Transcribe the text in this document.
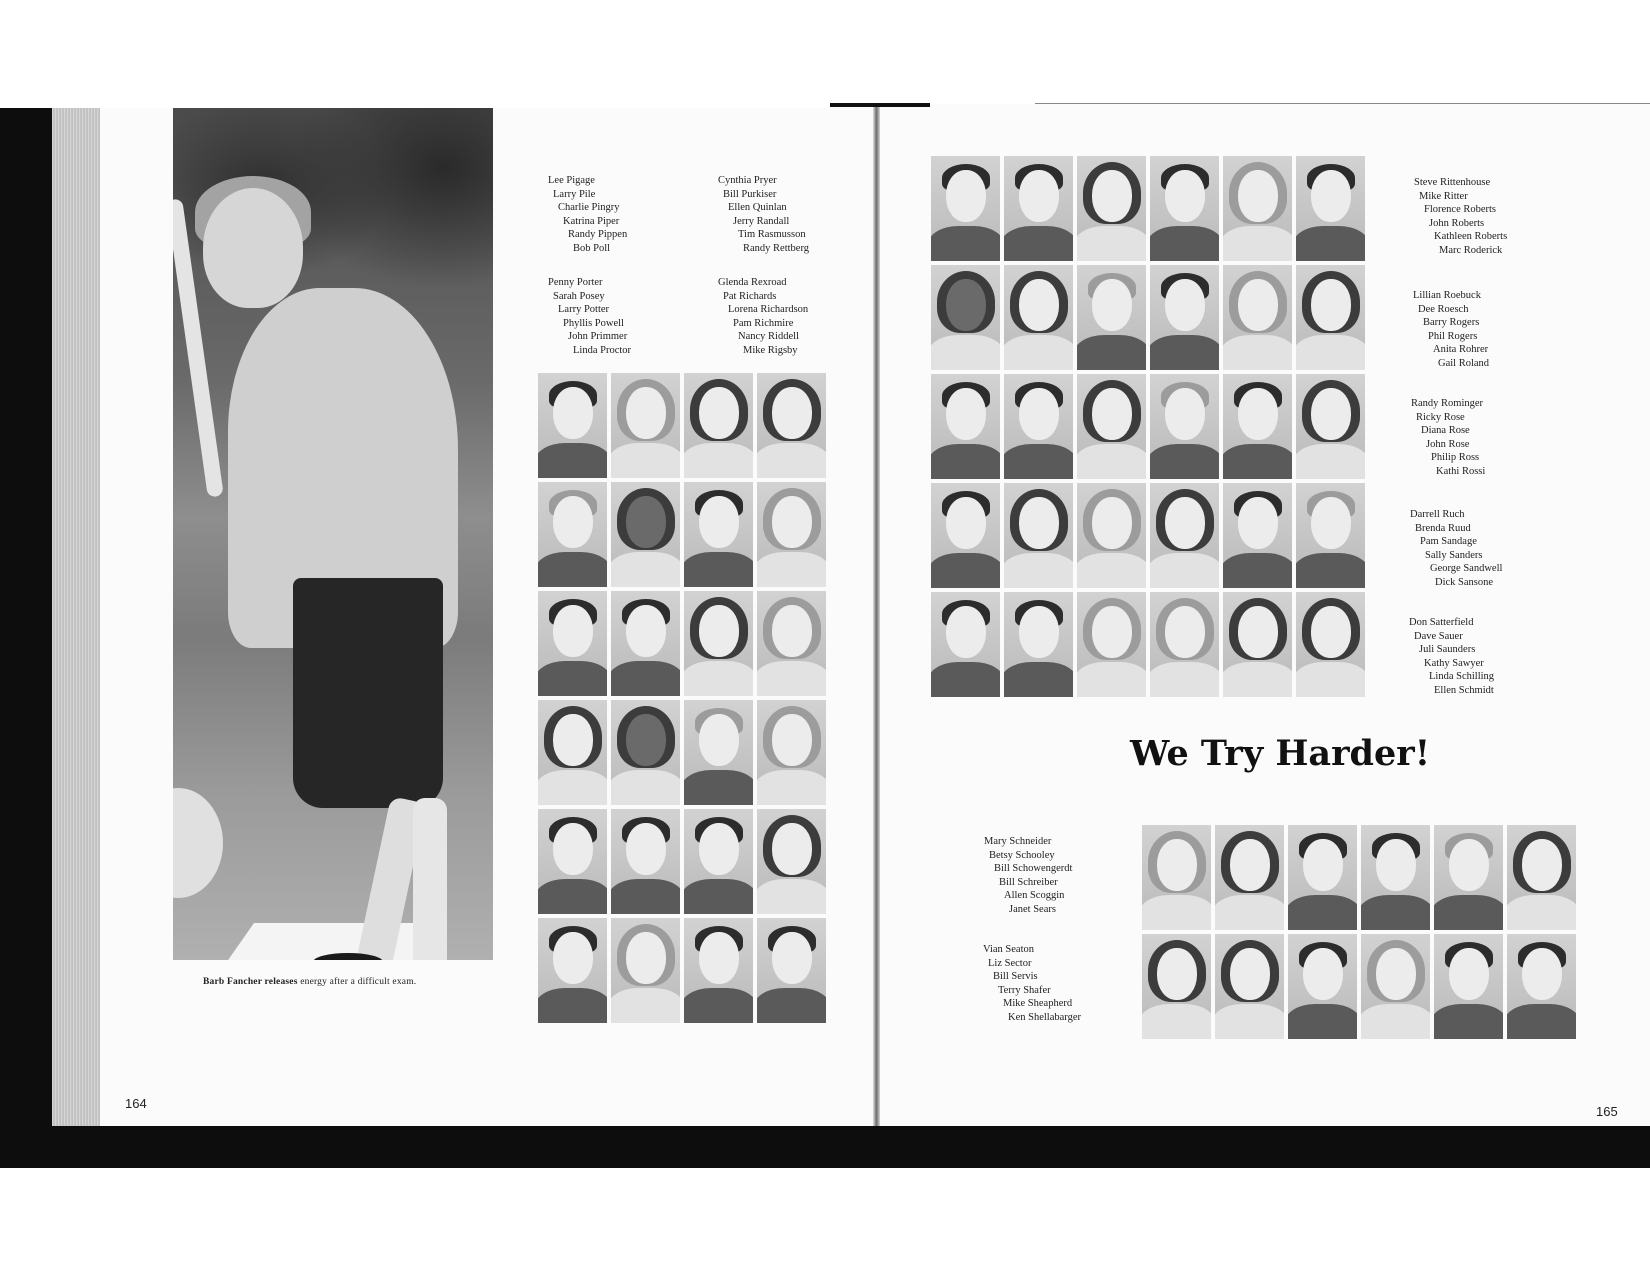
Barb Fancher releases energy after a difficult exam.
Lee Pigage
Larry Pile
Charlie Pingry
Katrina Piper
Randy Pippen
Bob Poll
Cynthia Pryer
Bill Purkiser
Ellen Quinlan
Jerry Randall
Tim Rasmusson
Randy Rettberg
Penny Porter
Sarah Posey
Larry Potter
Phyllis Powell
John Primmer
Linda Proctor
Glenda Rexroad
Pat Richards
Lorena Richardson
Pam Richmire
Nancy Riddell
Mike Rigsby
Steve Rittenhouse
Mike Ritter
Florence Roberts
John Roberts
Kathleen Roberts
Marc Roderick
Lillian Roebuck
Dee Roesch
Barry Rogers
Phil Rogers
Anita Rohrer
Gail Roland
Randy Rominger
Ricky Rose
Diana Rose
John Rose
Philip Ross
Kathi Rossi
Darrell Ruch
Brenda Ruud
Pam Sandage
Sally Sanders
George Sandwell
Dick Sansone
Don Satterfield
Dave Sauer
Juli Saunders
Kathy Sawyer
Linda Schilling
Ellen Schmidt
We Try Harder!
Mary Schneider
Betsy Schooley
Bill Schowengerdt
Bill Schreiber
Allen Scoggin
Janet Sears
Vian Seaton
Liz Sector
Bill Servis
Terry Shafer
Mike Sheapherd
Ken Shellabarger
164
165
